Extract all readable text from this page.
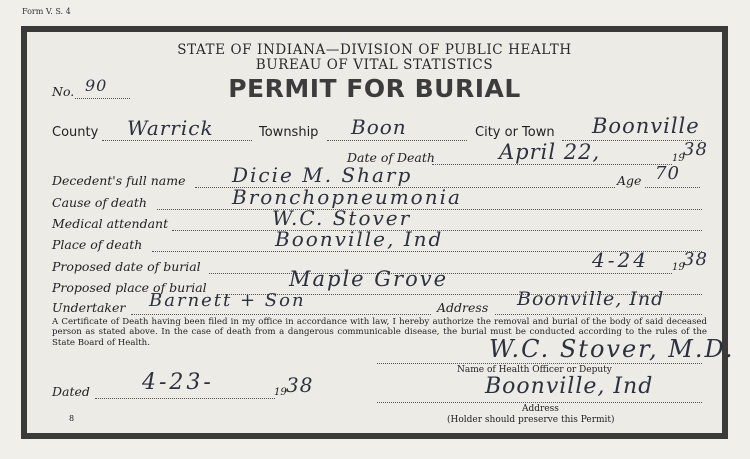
Form V. S. 4
STATE OF INDIANA—DIVISION OF PUBLIC HEALTH
BUREAU OF VITAL STATISTICS
PERMIT FOR BURIAL
No. 90
County Warrick	Township Boon	City or Town Boonville
Date of Death	April 22,	19
38
Decedent's full name Dicie M. Sharp	Age 70
Cause of death	Bronchopneumonia
Medical attendant	W.C. Stover
Place of death	Boonville, Ind
Proposed date of burial	4-24 19
38
Proposed place of burial	Maple Grove
Undertaker Barnett + Son	Address Boonville, Ind
A Certificate of Death having been filed in my office in accordance with law, I hereby authorize the removal and burial of the body of said deceased person as stated above. In the case of death from a dangerous communicable disease, the burial must be conducted according to the rules of the State Board of Health.	W.C. Stover, M.D.
Name of Health Officer or Deputy
Dated 4-23-	19 38	Boonville, Ind
Address
(Holder should preserve this Permit)
8
